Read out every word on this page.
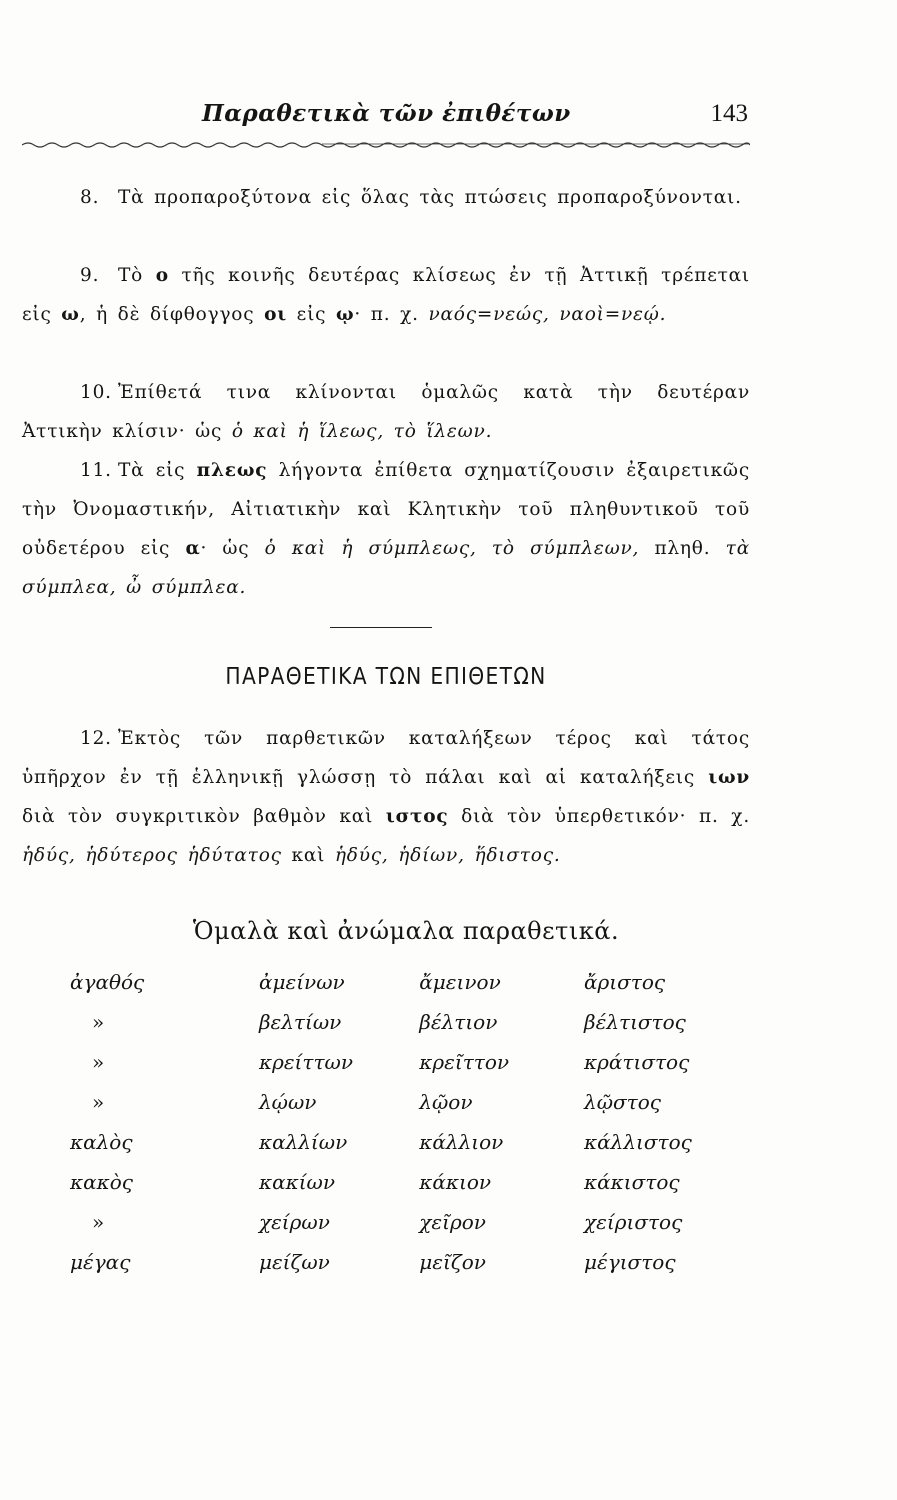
Παραθετικὰ τῶν ἐπιθέτων	143
8. Τὰ προπαροξύτονα εἰς ὅλας τὰς πτώσεις προπαροξύνονται.
9. Τὸ ο τῆς κοινῆς δευτέρας κλίσεως ἐν τῇ Ἀττικῇ τρέπεται εἰς ω, ἡ δὲ δίφθογγος οι εἰς ῳ· π. χ. ναός=νεώς, ναοὶ=νεῴ.
10. Ἐπίθετά τινα κλίνονται ὁμαλῶς κατὰ τὴν δευτέραν Ἀττικὴν κλίσιν· ὡς ὁ καὶ ἡ ἵλεως, τὸ ἵλεων.
11. Τὰ εἰς πλεως λήγοντα ἐπίθετα σχηματίζουσιν ἐξαιρετικῶς τὴν Ὀνομαστικήν, Αἰτιατικὴν καὶ Κλητικὴν τοῦ πληθυντικοῦ τοῦ οὐδετέρου εἰς α· ὡς ὁ καὶ ἡ σύμπλεως, τὸ σύμπλεων, πληθ. τὰ σύμπλεα, ὦ σύμπλεα.
ΠΑΡΑΘΕΤΙΚΑ ΤΩΝ ΕΠΙΘΕΤΩΝ
12. Ἐκτὸς τῶν παρθετικῶν καταλήξεων τέρος καὶ τάτος ὑπῆρχον ἐν τῇ ἑλληνικῇ γλώσσῃ τὸ πάλαι καὶ αἱ καταλήξεις ιων διὰ τὸν συγκριτικὸν βαθμὸν καὶ ιστος διὰ τὸν ὑπερθετικόν· π. χ. ἡδύς, ἡδύτερος ἡδύτατος καὶ ἡδύς, ἡδίων, ἥδιστος.
Ὁμαλὰ καὶ ἀνώμαλα παραθετικά.
ἀγαθός	ἀμείνων	ἄμεινον	ἄριστος
»	βελτίων	βέλτιον	βέλτιστος
»	κρείττων	κρεῖττον	κράτιστος
»	λῴων	λῷον	λῷστος
καλὸς	καλλίων	κάλλιον	κάλλιστος
κακὸς	κακίων	κάκιον	κάκιστος
»	χείρων	χεῖρον	χείριστος
μέγας	μείζων	μεῖζον	μέγιστος
